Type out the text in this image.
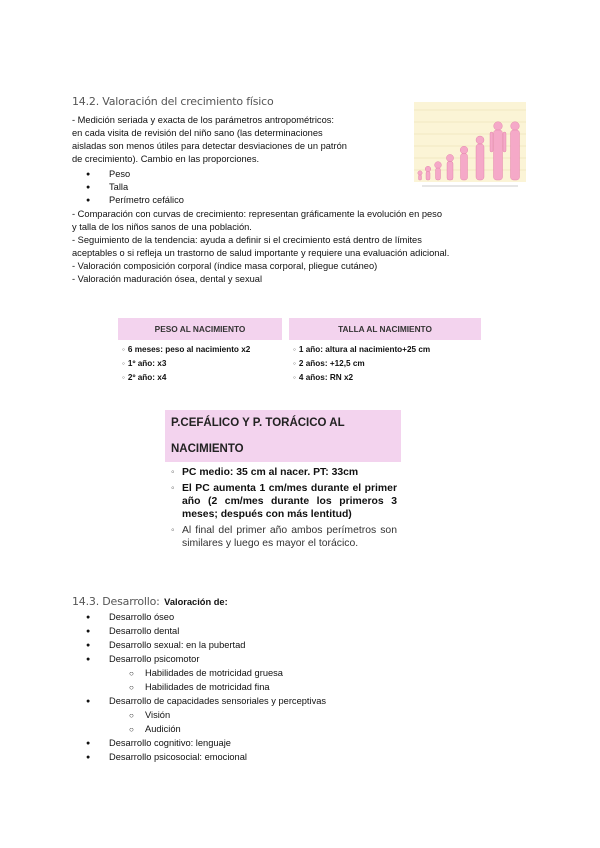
14.2. Valoración del crecimiento físico
- Medición seriada y exacta de los parámetros antropométricos:
en cada visita de revisión del niño sano (las determinaciones
aisladas son menos útiles para detectar desviaciones de un patrón
de crecimiento). Cambio en las proporciones.
● Peso
● Talla
● Perímetro cefálico
- Comparación con curvas de crecimiento: representan gráficamente la evolución en peso
y talla de los niños sanos de una población.
- Seguimiento de la tendencia: ayuda a definir si el crecimiento está dentro de límites
aceptables o si refleja un trastorno de salud importante y requiere una evaluación adicional.
- Valoración composición corporal (índice masa corporal, pliegue cutáneo)
- Valoración maduración ósea, dental y sexual
PESO AL NACIMIENTO
◦ 6 meses: peso al nacimiento x2
◦ 1º año: x3
◦ 2º año: x4
TALLA AL NACIMIENTO
◦ 1 año: altura al nacimiento+25 cm
◦ 2 años: +12,5 cm
◦ 4 años: RN x2
P.CEFÁLICO Y P. TORÁCICO AL NACIMIENTO
◦ PC medio: 35 cm al nacer. PT: 33cm
◦ El PC aumenta 1 cm/mes durante el primer año (2 cm/mes durante los primeros 3 meses; después con más lentitud)
◦ Al final del primer año ambos perímetros son similares y luego es mayor el torácico.
14.3. Desarrollo: Valoración de:
● Desarrollo óseo
● Desarrollo dental
● Desarrollo sexual: en la pubertad
● Desarrollo psicomotor
○ Habilidades de motricidad gruesa
○ Habilidades de motricidad fina
● Desarrollo de capacidades sensoriales y perceptivas
○ Visión
○ Audición
● Desarrollo cognitivo: lenguaje
● Desarrollo psicosocial: emocional
